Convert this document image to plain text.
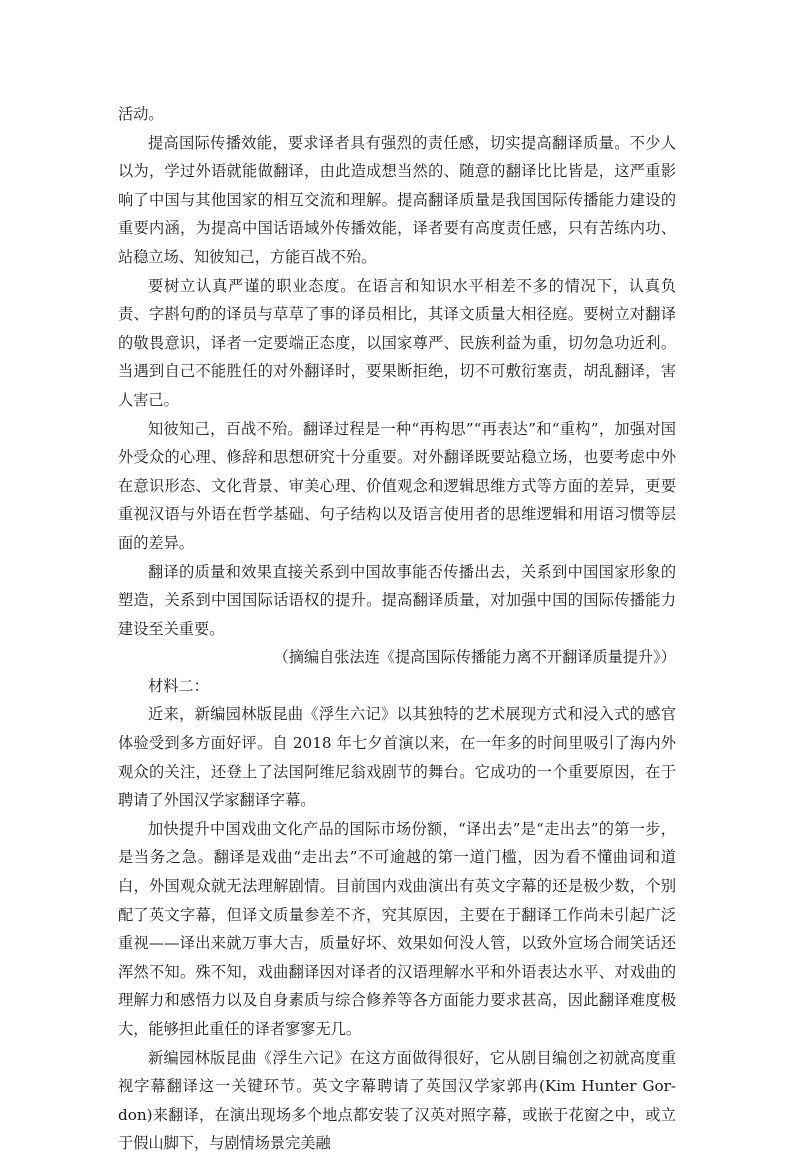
活动。

提高国际传播效能，要求译者具有强烈的责任感，切实提高翻译质量。不少人以为，学过外语就能做翻译，由此造成想当然的、随意的翻译比比皆是，这严重影响了中国与其他国家的相互交流和理解。提高翻译质量是我国国际传播能力建设的重要内涵，为提高中国话语域外传播效能，译者要有高度责任感，只有苦练内功、站稳立场、知彼知己，方能百战不殆。

要树立认真严谨的职业态度。在语言和知识水平相差不多的情况下，认真负责、字斟句酌的译员与草草了事的译员相比，其译文质量大相径庭。要树立对翻译的敬畏意识，译者一定要端正态度，以国家尊严、民族利益为重，切勿急功近利。当遇到自己不能胜任的对外翻译时，要果断拒绝，切不可敷衍塞责，胡乱翻译，害人害己。

知彼知己，百战不殆。翻译过程是一种“再构思”“再表达”和“重构”，加强对国外受众的心理、修辞和思想研究十分重要。对外翻译既要站稳立场，也要考虑中外在意识形态、文化背景、审美心理、价值观念和逻辑思维方式等方面的差异，更要重视汉语与外语在哲学基础、句子结构以及语言使用者的思维逻辑和用语习惯等层面的差异。

翻译的质量和效果直接关系到中国故事能否传播出去，关系到中国国家形象的塑造，关系到中国国际话语权的提升。提高翻译质量，对加强中国的国际传播能力建设至关重要。

（摘编自张法连《提高国际传播能力离不开翻译质量提升》）

材料二：

近来，新编园林版昆曲《浮生六记》以其独特的艺术展现方式和浸入式的感官体验受到多方面好评。自 2018 年七夕首演以来，在一年多的时间里吸引了海内外观众的关注，还登上了法国阿维尼翁戏剧节的舞台。它成功的一个重要原因，在于聘请了外国汉学家翻译字幕。

加快提升中国戏曲文化产品的国际市场份额，“译出去”是“走出去”的第一步，是当务之急。翻译是戏曲“走出去”不可逾越的第一道门槛，因为看不懂曲词和道白，外国观众就无法理解剧情。目前国内戏曲演出有英文字幕的还是极少数，个别配了英文字幕，但译文质量参差不齐，究其原因，主要在于翻译工作尚未引起广泛重视——译出来就万事大吉，质量好坏、效果如何没人管，以致外宣场合闹笑话还浑然不知。殊不知，戏曲翻译因对译者的汉语理解水平和外语表达水平、对戏曲的理解力和感悟力以及自身素质与综合修养等各方面能力要求甚高，因此翻译难度极大，能够担此重任的译者寥寥无几。

新编园林版昆曲《浮生六记》在这方面做得很好，它从剧目编创之初就高度重视字幕翻译这一关键环节。英文字幕聘请了英国汉学家郭冉(Kim Hunter Gor-don)来翻译，在演出现场多个地点都安装了汉英对照字幕，或嵌于花窗之中，或立于假山脚下，与剧情场景完美融
